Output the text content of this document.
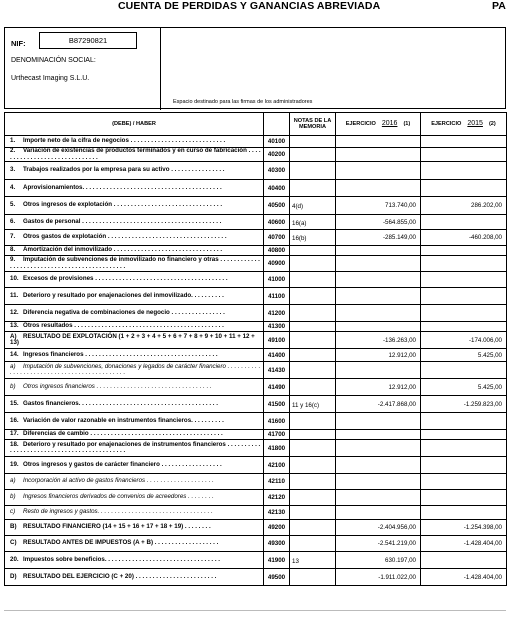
CUENTA DE PERDIDAS Y GANANCIAS ABREVIADA	PA
NIF:	B87290821
DENOMINACIÓN SOCIAL:
Urthecast Imaging S.L.U.
Espacio destinado para las firmas de los administradores
(DEBE) / HABER		NOTAS DE LA MEMORIA	EJERCICIO 2016 (1)	EJERCICIO 2015 (2)
1. Importe neto de la cifra de negocios . . . . . . . . . . . . . . . . . . . . . . . . . . . .	40100			
2. Variación de existencias de productos terminados y en curso de fabricación . . . . . . . . . . . . . . . . . . . . . . . . . . . . . .	40200			
3. Trabajos realizados por la empresa para su activo . . . . . . . . . . . . . . . .	40300			
4. Aprovisionamientos. . . . . . . . . . . . . . . . . . . . . . . . . . . . . . . . . . . . . . . . .	40400			
5. Otros ingresos de explotación . . . . . . . . . . . . . . . . . . . . . . . . . . . . . . . .	40500	4(d)	713.740,00	286.202,00
6. Gastos de personal . . . . . . . . . . . . . . . . . . . . . . . . . . . . . . . . . . . . . . . . .	40600	16(a)	-564.855,00	
7. Otros gastos de explotación . . . . . . . . . . . . . . . . . . . . . . . . . . . . . . . . . . .	40700	16(b)	-285.149,00	-460.208,00
8. Amortización del inmovilizado . . . . . . . . . . . . . . . . . . . . . . . . . . . . . . . .	40800			
9. Imputación de subvenciones de inmovilizado no financiero y otras . . . . . . . . . . . . . . . . . . . . . . . . . . . . . . . . . . . . . . . . . . . . . .	40900			
10. Excesos de provisiones . . . . . . . . . . . . . . . . . . . . . . . . . . . . . . . . . . . . . . .	41000			
11. Deterioro y resultado por enajenaciones del inmovilizado. . . . . . . . . .	41100			
12. Diferencia negativa de combinaciones de negocio . . . . . . . . . . . . . . . .	41200			
13. Otros resultados . . . . . . . . . . . . . . . . . . . . . . . . . . . . . . . . . . . . . . . . . . . .	41300			
A) RESULTADO DE EXPLOTACIÓN (1 + 2 + 3 + 4 + 5 + 6 + 7 + 8 + 9 + 10 + 11 + 12 + 13)	49100		-136.263,00	-174.006,00
14. Ingresos financieros . . . . . . . . . . . . . . . . . . . . . . . . . . . . . . . . . . . . . . .	41400		12.912,00	5.425,00
a) Imputación de subvenciones, donaciones y legados de carácter financiero . . . . . . . . . . . . . . . . . . . . . . . . . . . . . . . . . . . . . . . . . . . .	41430			
b) Otros ingresos financieros . . . . . . . . . . . . . . . . . . . . . . . . . . . . . . . . . .	41490		12.912,00	5.425,00
15. Gastos financieros. . . . . . . . . . . . . . . . . . . . . . . . . . . . . . . . . . . . . . . . .	41500	11 y 16(c)	-2.417.868,00	-1.259.823,00
16. Variación de valor razonable en instrumentos financieros. . . . . . . . . .	41600			
17. Diferencias de cambio . . . . . . . . . . . . . . . . . . . . . . . . . . . . . . . . . . . . . . .	41700			
18. Deterioro y resultado por enajenaciones de instrumentos financieros . . . . . . . . . . . . . . . . . . . . . . . . . . . . . . . . . . . . . . . . . . . .	41800			
19. Otros ingresos y gastos de carácter financiero . . . . . . . . . . . . . . . . . .	42100			
a) Incorporación al activo de gastos financieros . . . . . . . . . . . . . . . . . . . .	42110			
b) Ingresos financieros derivados de convenios de acreedores . . . . . . . .	42120			
c) Resto de ingresos y gastos. . . . . . . . . . . . . . . . . . . . . . . . . . . . . . . . . .	42130			
B) RESULTADO FINANCIERO (14 + 15 + 16 + 17 + 18 + 19) . . . . . . . .	49200		-2.404.956,00	-1.254.398,00
C) RESULTADO ANTES DE IMPUESTOS (A + B) . . . . . . . . . . . . . . . . . . .	49300		-2.541.219,00	-1.428.404,00
20. Impuestos sobre beneficios. . . . . . . . . . . . . . . . . . . . . . . . . . . . . . . . . .	41900	13	630.197,00	
D) RESULTADO DEL EJERCICIO (C + 20) . . . . . . . . . . . . . . . . . . . . . . . .	49500		-1.911.022,00	-1.428.404,00
